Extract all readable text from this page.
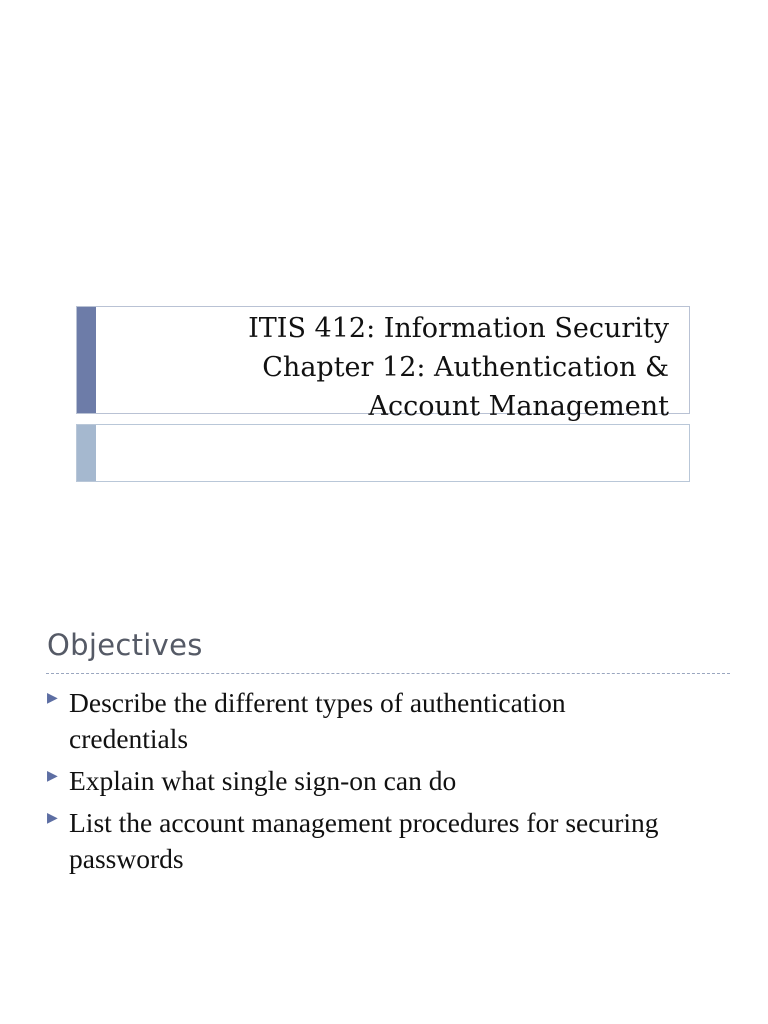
ITIS 412: Information Security
Chapter 12: Authentication &
Account Management
Objectives
▶ Describe the different types of authentication
credentials
▶ Explain what single sign-on can do
▶ List the account management procedures for securing
passwords
